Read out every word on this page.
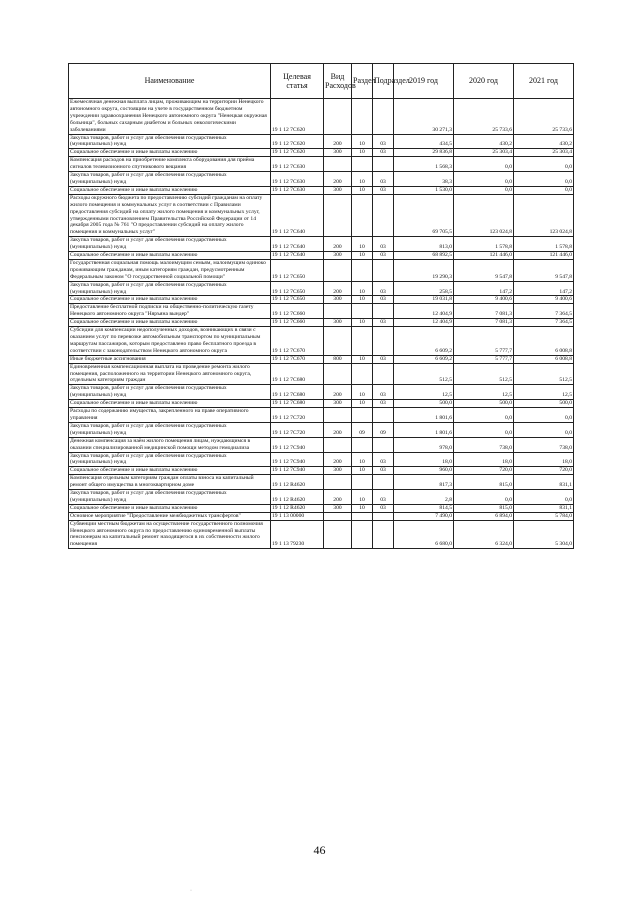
Наименование	Целевая статья	Вид Расходов	Раздел	Подраздел	2019 год	2020 год	2021 год
Ежемесячная денежная выплата лицам, проживающим на территории Ненецкого автономного округа, состоящим на учете в государственном бюджетном учреждении здравоохранения Ненецкого автономного округа "Ненецкая окружная больница", больных сахарным диабетом и больных онкологическими заболеваниями	19 1 12 7C620				30 271,3	25 733,6	25 733,6
Закупка товаров, работ и услуг для обеспечения государственных (муниципальных) нужд	19 1 12 7C620	200	10	03	434,5	430,2	430,2
Социальное обеспечение и иные выплаты населению	19 1 12 7C620	300	10	03	29 836,8	25 303,4	25 303,4
Компенсация расходов на приобретение комплекта оборудования для приёма сигналов телевизионного спутникового вещания	19 1 12 7C630				1 568,3	0,0	0,0
Закупка товаров, работ и услуг для обеспечения государственных (муниципальных) нужд	19 1 12 7C630	200	10	03	38,3	0,0	0,0
Социальное обеспечение и иные выплаты населению	19 1 12 7C630	300	10	03	1 530,0	0,0	0,0
Расходы окружного бюджета по предоставлению субсидий гражданам на оплату жилого помещения и коммунальных услуг в соответствии с Правилами предоставления субсидий на оплату жилого помещения и коммунальных услуг, утвержденными постановлением Правительства Российской Федерации от 14 декабря 2005 года № 761 "О предоставлении субсидий на оплату жилого помещения и коммунальных услуг"	19 1 12 7C640				69 705,5	123 024,8	123 024,8
Закупка товаров, работ и услуг для обеспечения государственных (муниципальных) нужд	19 1 12 7C640	200	10	03	813,0	1 578,8	1 578,8
Социальное обеспечение и иные выплаты населению	19 1 12 7C640	300	10	03	68 892,5	121 446,0	121 446,0
Государственная социальная помощь малоимущим семьям, малоимущим одиноко проживающим гражданам, иным категориям граждан, предусмотренным Федеральным законом "О государственной социальной помощи"	19 1 12 7C650				19 290,3	9 547,8	9 547,8
Закупка товаров, работ и услуг для обеспечения государственных (муниципальных) нужд	19 1 12 7C650	200	10	03	258,5	147,2	147,2
Социальное обеспечение и иные выплаты населению	19 1 12 7C650	300	10	03	19 031,8	9 400,6	9 400,6
Предоставление бесплатной подписки на общественно-политическую газету Ненецкого автономного округа "Няръяна вындер"	19 1 12 7C660				12 404,9	7 081,3	7 364,5
Социальное обеспечение и иные выплаты населению	19 1 12 7C660	300	10	03	12 404,9	7 081,3	7 364,5
Субсидии для компенсации недополученных доходов, возникающих в связи с оказанием услуг по перевозке автомобильным транспортом по муниципальным маршрутам пассажиров, которым предоставлено право бесплатного проезда в соответствии с законодательством Ненецкого автономного округа	19 1 12 7C670				6 609,2	5 777,7	6 008,8
Иные бюджетные ассигнования	19 1 12 7C670	800	10	03	6 609,2	5 777,7	6 008,8
Единовременная компенсационная выплата на проведение ремонта жилого помещения, расположенного на территории Ненецкого автономного округа, отдельным категориям граждан	19 1 12 7C680				512,5	512,5	512,5
Закупка товаров, работ и услуг для обеспечения государственных (муниципальных) нужд	19 1 12 7C680	200	10	03	12,5	12,5	12,5
Социальное обеспечение и иные выплаты населению	19 1 12 7C680	300	10	03	500,0	500,0	500,0
Расходы по содержанию имущества, закрепленного на праве оперативного управления	19 1 12 7C720				1 801,6	0,0	0,0
Закупка товаров, работ и услуг для обеспечения государственных (муниципальных) нужд	19 1 12 7C720	200	09	09	1 801,6	0,0	0,0
Денежная компенсация за наём жилого помещения лицам, нуждающимся в оказании специализированной медицинской помощи методом гемодиализа	19 1 12 7C940				978,0	738,0	738,0
Закупка товаров, работ и услуг для обеспечения государственных (муниципальных) нужд	19 1 12 7C940	200	10	03	18,0	18,0	18,0
Социальное обеспечение и иные выплаты населению	19 1 12 7C940	300	10	03	960,0	720,0	720,0
Компенсация отдельным категориям граждан оплаты взноса на капитальный ремонт общего имущества в многоквартирном доме	19 1 12 R4620				817,3	815,0	831,1
Закупка товаров, работ и услуг для обеспечения государственных (муниципальных) нужд	19 1 12 R4620	200	10	03	2,8	0,0	0,0
Социальное обеспечение и иные выплаты населению	19 1 12 R4620	300	10	03	814,5	815,0	831,1
Основное мероприятие "Предоставление межбюджетных трансфертов"	19 1 13 00000				7 490,0	6 894,0	5 784,0
Субвенции местным бюджетам на осуществление государственного полномочия Ненецкого автономного округа по предоставлению единовременной выплаты пенсионерам на капитальный ремонт находящегося в их собственности жилого помещения	19 1 13 79230				6 680,0	6 324,0	5 304,0
46
·
